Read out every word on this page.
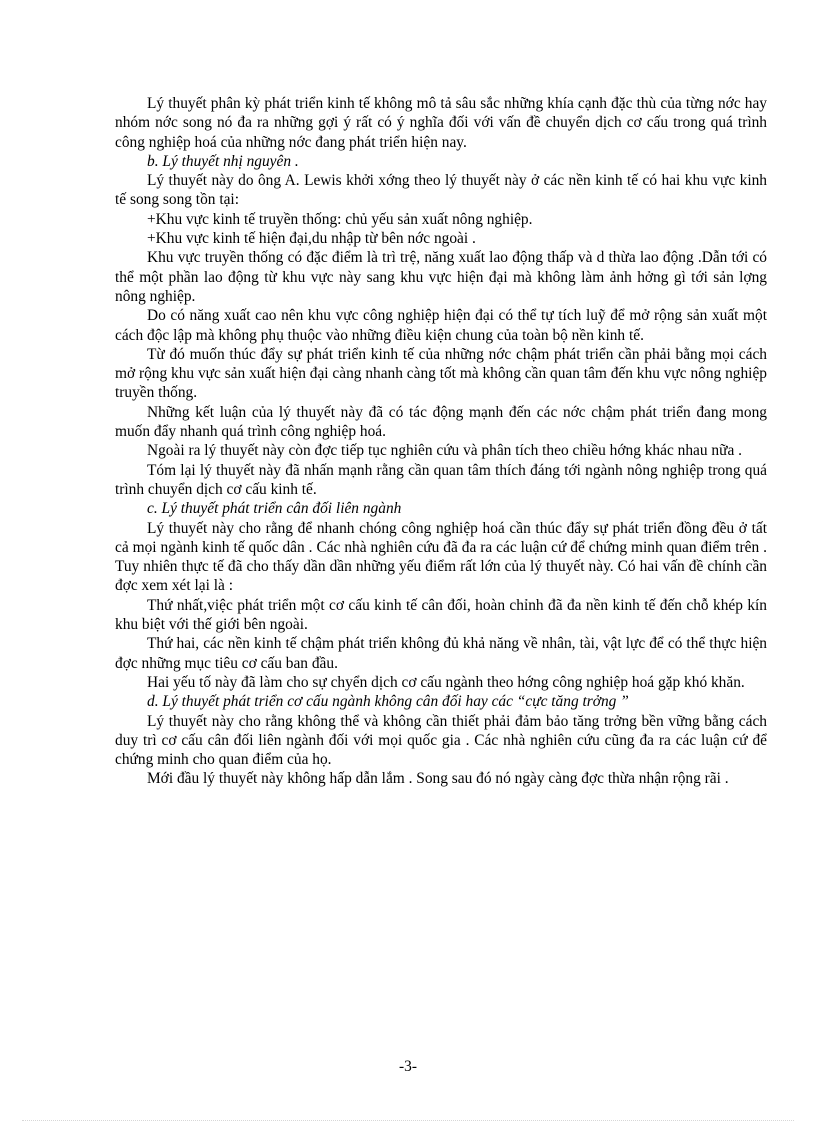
Lý thuyết phân kỳ phát triển kinh tế không mô tả sâu sắc những khía cạnh đặc thù của từng nớc hay nhóm nớc song nó đa ra những gợi ý rất có ý nghĩa đối với vấn đề chuyển dịch cơ cấu trong quá trình công nghiệp hoá của những nớc đang phát triển hiện nay.

b. Lý thuyết nhị nguyên .

Lý thuyết này do ông A. Lewis khởi xớng theo lý thuyết này ở các nền kinh tế có hai khu vực kinh tế song song tồn tại:

+Khu vực kinh tế truyền thống: chủ yếu sản xuất nông nghiệp.

+Khu vực kinh tế hiện đại,du nhập từ bên nớc ngoài .

Khu vực truyền thống có đặc điểm là trì trệ, năng xuất lao động thấp và d thừa lao động .Dẫn tới có thể một phần lao động từ khu vực này sang khu vực hiện đại mà không làm ảnh hởng gì tới sản lợng nông nghiệp.

Do có năng xuất cao nên khu vực công nghiệp hiện đại có thể tự tích luỹ để mở rộng sản xuất một cách độc lập mà không phụ thuộc vào những điều kiện chung của toàn bộ nền kinh tế.

Từ đó muốn thúc đẩy sự phát triển kinh tế của những nớc chậm phát triển cần phải bằng mọi cách mở rộng khu vực sản xuất hiện đại càng nhanh càng tốt mà không cần quan tâm đến khu vực nông nghiệp truyền thống.

Những kết luận của lý thuyết này đã có tác động mạnh đến các nớc chậm phát triển đang mong muốn đẩy nhanh quá trình công nghiệp hoá.

Ngoài ra lý thuyết này còn đợc tiếp tục nghiên cứu và phân tích theo chiều hớng khác nhau nữa .

Tóm lại lý thuyết này đã nhấn mạnh rằng cần quan tâm thích đáng tới ngành nông nghiệp trong quá trình chuyển dịch cơ cấu kinh tế.

c. Lý thuyết phát triển cân đối liên ngành

Lý thuyết này cho rằng để nhanh chóng công nghiệp hoá cần thúc đẩy sự phát triển đồng đều ở tất cả mọi ngành kinh tế quốc dân . Các nhà nghiên cứu đã đa ra các luận cứ để chứng minh quan điểm trên . Tuy nhiên thực tế đã cho thấy dần dần những yếu điểm rất lớn của lý thuyết này. Có hai vấn đề chính cần đợc xem xét lại là :

Thứ nhất,việc phát triển một cơ cấu kinh tế cân đối, hoàn chỉnh đã đa nền kinh tế đến chỗ khép kín khu biệt với thế giới bên ngoài.

Thứ hai, các nền kinh tế chậm phát triển không đủ khả năng về nhân, tài, vật lực để có thể thực hiện đợc những mục tiêu cơ cấu ban đầu.

Hai yếu tố này đã làm cho sự chyển dịch cơ cấu ngành theo hớng công nghiệp hoá gặp khó khăn.

d. Lý thuyết phát triển cơ cấu ngành không cân đối hay các “cực tăng trởng ”

Lý thuyết này cho rằng không thể và không cần thiết phải đảm bảo tăng trởng bền vững bằng cách duy trì cơ cấu cân đối liên ngành đối với mọi quốc gia . Các nhà nghiên cứu cũng đa ra các luận cứ để chứng minh cho quan điểm của họ.

Mới đầu lý thuyết này không hấp dẫn lắm . Song sau đó nó ngày càng đợc thừa nhận rộng rãi .

-3-
